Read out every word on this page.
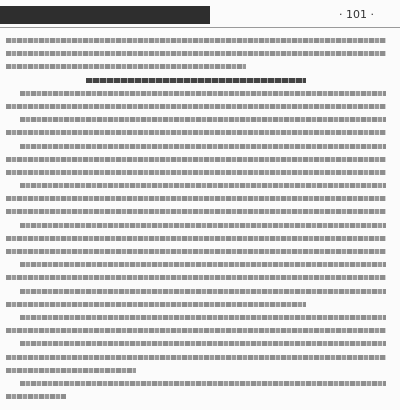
· 101 ·
